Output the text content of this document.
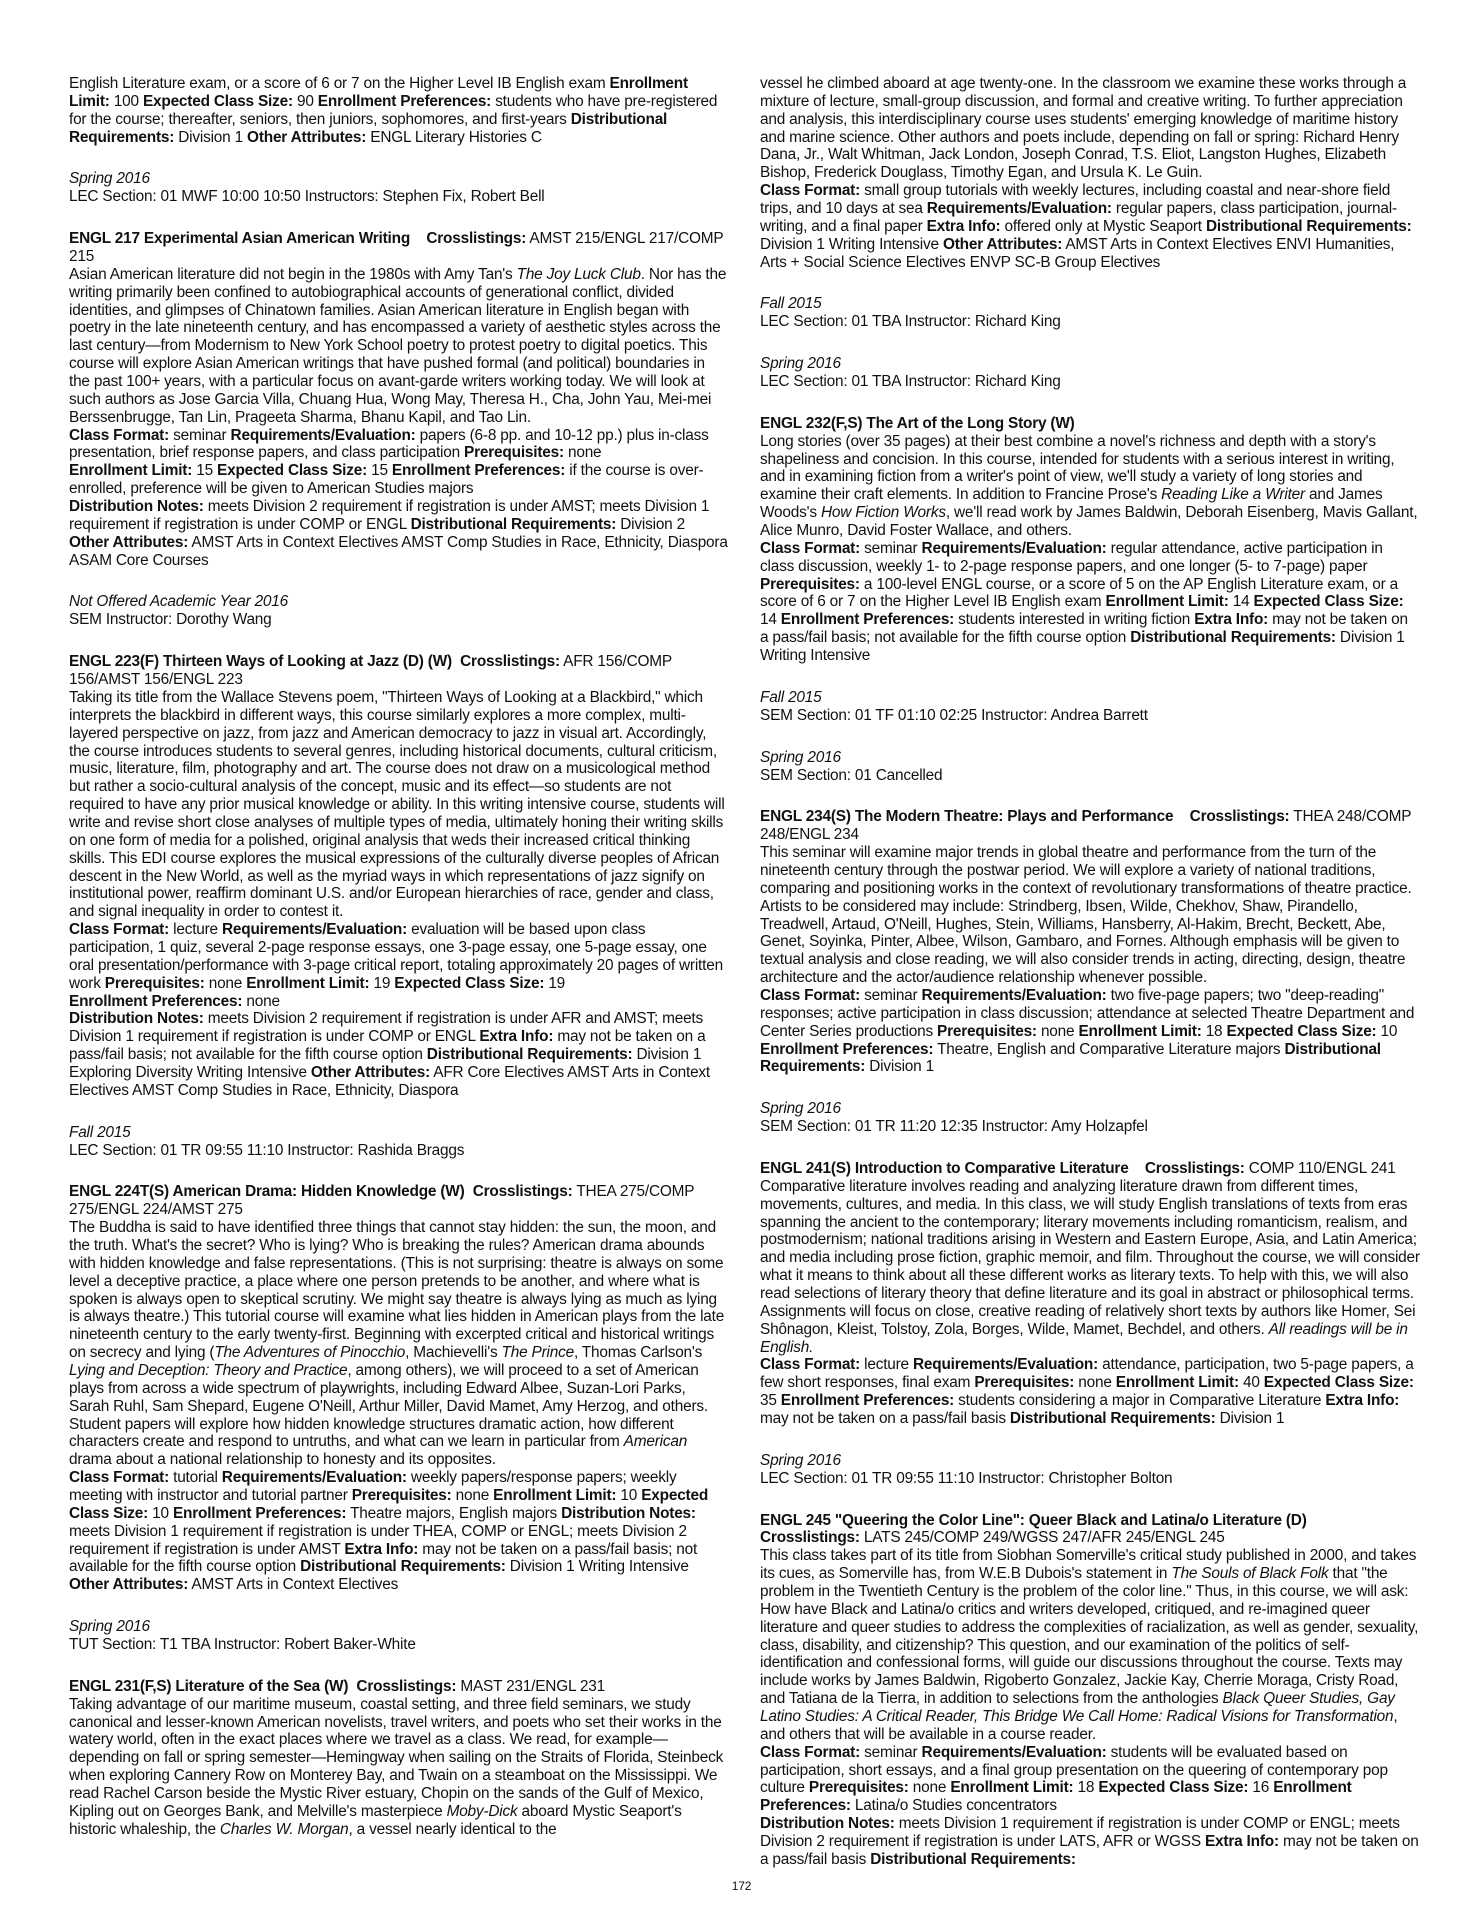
English Literature exam, or a score of 6 or 7 on the Higher Level IB English exam Enrollment Limit: 100 Expected Class Size: 90 Enrollment Preferences: students who have pre-registered for the course; thereafter, seniors, then juniors, sophomores, and first-years Distributional Requirements: Division 1 Other Attributes: ENGL Literary Histories C

Spring 2016

LEC Section: 01 MWF 10:00 10:50 Instructors: Stephen Fix, Robert Bell

ENGL 217 Experimental Asian American Writing Crosslistings: AMST 215/ENGL 217/COMP 215

Asian American literature did not begin in the 1980s with Amy Tan's The Joy Luck Club. Nor has the writing primarily been confined to autobiographical accounts of generational conflict, divided identities, and glimpses of Chinatown families. Asian American literature in English began with poetry in the late nineteenth century, and has encompassed a variety of aesthetic styles across the last century—from Modernism to New York School poetry to protest poetry to digital poetics. This course will explore Asian American writings that have pushed formal (and political) boundaries in the past 100+ years, with a particular focus on avant-garde writers working today. We will look at such authors as Jose Garcia Villa, Chuang Hua, Wong May, Theresa H., Cha, John Yau, Mei-mei Berssenbrugge, Tan Lin, Prageeta Sharma, Bhanu Kapil, and Tao Lin.

Class Format: seminar Requirements/Evaluation: papers (6-8 pp. and 10-12 pp.) plus in-class presentation, brief response papers, and class participation Prerequisites: none

Enrollment Limit: 15 Expected Class Size: 15 Enrollment Preferences: if the course is over-enrolled, preference will be given to American Studies majors

Distribution Notes: meets Division 2 requirement if registration is under AMST; meets Division 1 requirement if registration is under COMP or ENGL Distributional Requirements: Division 2 Other Attributes: AMST Arts in Context Electives AMST Comp Studies in Race, Ethnicity, Diaspora ASAM Core Courses

Not Offered Academic Year 2016

SEM Instructor: Dorothy Wang

ENGL 223(F) Thirteen Ways of Looking at Jazz (D) (W) Crosslistings: AFR 156/COMP 156/AMST 156/ENGL 223

Taking its title from the Wallace Stevens poem, "Thirteen Ways of Looking at a Blackbird," which interprets the blackbird in different ways, this course similarly explores a more complex, multi-layered perspective on jazz, from jazz and American democracy to jazz in visual art. Accordingly, the course introduces students to several genres, including historical documents, cultural criticism, music, literature, film, photography and art. The course does not draw on a musicological method but rather a socio-cultural analysis of the concept, music and its effect—so students are not required to have any prior musical knowledge or ability. In this writing intensive course, students will write and revise short close analyses of multiple types of media, ultimately honing their writing skills on one form of media for a polished, original analysis that weds their increased critical thinking skills. This EDI course explores the musical expressions of the culturally diverse peoples of African descent in the New World, as well as the myriad ways in which representations of jazz signify on institutional power, reaffirm dominant U.S. and/or European hierarchies of race, gender and class, and signal inequality in order to contest it.

Class Format: lecture Requirements/Evaluation: evaluation will be based upon class participation, 1 quiz, several 2-page response essays, one 3-page essay, one 5-page essay, one oral presentation/performance with 3-page critical report, totaling approximately 20 pages of written work Prerequisites: none Enrollment Limit: 19 Expected Class Size: 19

Enrollment Preferences: none

Distribution Notes: meets Division 2 requirement if registration is under AFR and AMST; meets Division 1 requirement if registration is under COMP or ENGL Extra Info: may not be taken on a pass/fail basis; not available for the fifth course option Distributional Requirements: Division 1 Exploring Diversity Writing Intensive Other Attributes: AFR Core Electives AMST Arts in Context Electives AMST Comp Studies in Race, Ethnicity, Diaspora

Fall 2015

LEC Section: 01 TR 09:55 11:10 Instructor: Rashida Braggs

ENGL 224T(S) American Drama: Hidden Knowledge (W) Crosslistings: THEA 275/COMP 275/ENGL 224/AMST 275

The Buddha is said to have identified three things that cannot stay hidden: the sun, the moon, and the truth. What's the secret? Who is lying? Who is breaking the rules? American drama abounds with hidden knowledge and false representations. (This is not surprising: theatre is always on some level a deceptive practice, a place where one person pretends to be another, and where what is spoken is always open to skeptical scrutiny. We might say theatre is always lying as much as lying is always theatre.) This tutorial course will examine what lies hidden in American plays from the late nineteenth century to the early twenty-first. Beginning with excerpted critical and historical writings on secrecy and lying (The Adventures of Pinocchio, Machievelli's The Prince, Thomas Carlson's Lying and Deception: Theory and Practice, among others), we will proceed to a set of American plays from across a wide spectrum of playwrights, including Edward Albee, Suzan-Lori Parks, Sarah Ruhl, Sam Shepard, Eugene O'Neill, Arthur Miller, David Mamet, Amy Herzog, and others. Student papers will explore how hidden knowledge structures dramatic action, how different characters create and respond to untruths, and what can we learn in particular from American drama about a national relationship to honesty and its opposites.

Class Format: tutorial Requirements/Evaluation: weekly papers/response papers; weekly meeting with instructor and tutorial partner Prerequisites: none Enrollment Limit: 10 Expected Class Size: 10 Enrollment Preferences: Theatre majors, English majors Distribution Notes: meets Division 1 requirement if registration is under THEA, COMP or ENGL; meets Division 2 requirement if registration is under AMST Extra Info: may not be taken on a pass/fail basis; not available for the fifth course option Distributional Requirements: Division 1 Writing Intensive Other Attributes: AMST Arts in Context Electives

Spring 2016

TUT Section: T1 TBA Instructor: Robert Baker-White

ENGL 231(F,S) Literature of the Sea (W) Crosslistings: MAST 231/ENGL 231

Taking advantage of our maritime museum, coastal setting, and three field seminars, we study canonical and lesser-known American novelists, travel writers, and poets who set their works in the watery world, often in the exact places where we travel as a class. We read, for example—depending on fall or spring semester—Hemingway when sailing on the Straits of Florida, Steinbeck when exploring Cannery Row on Monterey Bay, and Twain on a steamboat on the Mississippi. We read Rachel Carson beside the Mystic River estuary, Chopin on the sands of the Gulf of Mexico, Kipling out on Georges Bank, and Melville's masterpiece Moby-Dick aboard Mystic Seaport's historic whaleship, the Charles W. Morgan, a vessel nearly identical to the

vessel he climbed aboard at age twenty-one. In the classroom we examine these works through a mixture of lecture, small-group discussion, and formal and creative writing. To further appreciation and analysis, this interdisciplinary course uses students' emerging knowledge of maritime history and marine science. Other authors and poets include, depending on fall or spring: Richard Henry Dana, Jr., Walt Whitman, Jack London, Joseph Conrad, T.S. Eliot, Langston Hughes, Elizabeth Bishop, Frederick Douglass, Timothy Egan, and Ursula K. Le Guin.

Class Format: small group tutorials with weekly lectures, including coastal and near-shore field trips, and 10 days at sea Requirements/Evaluation: regular papers, class participation, journal-writing, and a final paper Extra Info: offered only at Mystic Seaport Distributional Requirements: Division 1 Writing Intensive Other Attributes: AMST Arts in Context Electives ENVI Humanities, Arts + Social Science Electives ENVP SC-B Group Electives

Fall 2015

LEC Section: 01 TBA Instructor: Richard King

Spring 2016

LEC Section: 01 TBA Instructor: Richard King

ENGL 232(F,S) The Art of the Long Story (W)

Long stories (over 35 pages) at their best combine a novel's richness and depth with a story's shapeliness and concision. In this course, intended for students with a serious interest in writing, and in examining fiction from a writer's point of view, we'll study a variety of long stories and examine their craft elements. In addition to Francine Prose's Reading Like a Writer and James Woods's How Fiction Works, we'll read work by James Baldwin, Deborah Eisenberg, Mavis Gallant, Alice Munro, David Foster Wallace, and others.

Class Format: seminar Requirements/Evaluation: regular attendance, active participation in class discussion, weekly 1- to 2-page response papers, and one longer (5- to 7-page) paper Prerequisites: a 100-level ENGL course, or a score of 5 on the AP English Literature exam, or a score of 6 or 7 on the Higher Level IB English exam Enrollment Limit: 14 Expected Class Size: 14 Enrollment Preferences: students interested in writing fiction Extra Info: may not be taken on a pass/fail basis; not available for the fifth course option Distributional Requirements: Division 1 Writing Intensive

Fall 2015

SEM Section: 01 TF 01:10 02:25 Instructor: Andrea Barrett

Spring 2016

SEM Section: 01 Cancelled

ENGL 234(S) The Modern Theatre: Plays and Performance Crosslistings: THEA 248/COMP 248/ENGL 234

This seminar will examine major trends in global theatre and performance from the turn of the nineteenth century through the postwar period. We will explore a variety of national traditions, comparing and positioning works in the context of revolutionary transformations of theatre practice. Artists to be considered may include: Strindberg, Ibsen, Wilde, Chekhov, Shaw, Pirandello, Treadwell, Artaud, O'Neill, Hughes, Stein, Williams, Hansberry, Al-Hakim, Brecht, Beckett, Abe, Genet, Soyinka, Pinter, Albee, Wilson, Gambaro, and Fornes. Although emphasis will be given to textual analysis and close reading, we will also consider trends in acting, directing, design, theatre architecture and the actor/audience relationship whenever possible.

Class Format: seminar Requirements/Evaluation: two five-page papers; two "deep-reading" responses; active participation in class discussion; attendance at selected Theatre Department and Center Series productions Prerequisites: none Enrollment Limit: 18 Expected Class Size: 10 Enrollment Preferences: Theatre, English and Comparative Literature majors Distributional Requirements: Division 1

Spring 2016

SEM Section: 01 TR 11:20 12:35 Instructor: Amy Holzapfel

ENGL 241(S) Introduction to Comparative Literature Crosslistings: COMP 110/ENGL 241

Comparative literature involves reading and analyzing literature drawn from different times, movements, cultures, and media. In this class, we will study English translations of texts from eras spanning the ancient to the contemporary; literary movements including romanticism, realism, and postmodernism; national traditions arising in Western and Eastern Europe, Asia, and Latin America; and media including prose fiction, graphic memoir, and film. Throughout the course, we will consider what it means to think about all these different works as literary texts. To help with this, we will also read selections of literary theory that define literature and its goal in abstract or philosophical terms. Assignments will focus on close, creative reading of relatively short texts by authors like Homer, Sei Shônagon, Kleist, Tolstoy, Zola, Borges, Wilde, Mamet, Bechdel, and others. All readings will be in English.

Class Format: lecture Requirements/Evaluation: attendance, participation, two 5-page papers, a few short responses, final exam Prerequisites: none Enrollment Limit: 40 Expected Class Size: 35 Enrollment Preferences: students considering a major in Comparative Literature Extra Info: may not be taken on a pass/fail basis Distributional Requirements: Division 1

Spring 2016

LEC Section: 01 TR 09:55 11:10 Instructor: Christopher Bolton

ENGL 245 "Queering the Color Line": Queer Black and Latina/o Literature (D)

Crosslistings: LATS 245/COMP 249/WGSS 247/AFR 245/ENGL 245

This class takes part of its title from Siobhan Somerville's critical study published in 2000, and takes its cues, as Somerville has, from W.E.B Dubois's statement in The Souls of Black Folk that "the problem in the Twentieth Century is the problem of the color line." Thus, in this course, we will ask: How have Black and Latina/o critics and writers developed, critiqued, and re-imagined queer literature and queer studies to address the complexities of racialization, as well as gender, sexuality, class, disability, and citizenship? This question, and our examination of the politics of self-identification and confessional forms, will guide our discussions throughout the course. Texts may include works by James Baldwin, Rigoberto Gonzalez, Jackie Kay, Cherrie Moraga, Cristy Road, and Tatiana de la Tierra, in addition to selections from the anthologies Black Queer Studies, Gay Latino Studies: A Critical Reader, This Bridge We Call Home: Radical Visions for Transformation, and others that will be available in a course reader.

Class Format: seminar Requirements/Evaluation: students will be evaluated based on participation, short essays, and a final group presentation on the queering of contemporary pop culture Prerequisites: none Enrollment Limit: 18 Expected Class Size: 16 Enrollment Preferences: Latina/o Studies concentrators

Distribution Notes: meets Division 1 requirement if registration is under COMP or ENGL; meets Division 2 requirement if registration is under LATS, AFR or WGSS Extra Info: may not be taken on a pass/fail basis Distributional Requirements:

172
